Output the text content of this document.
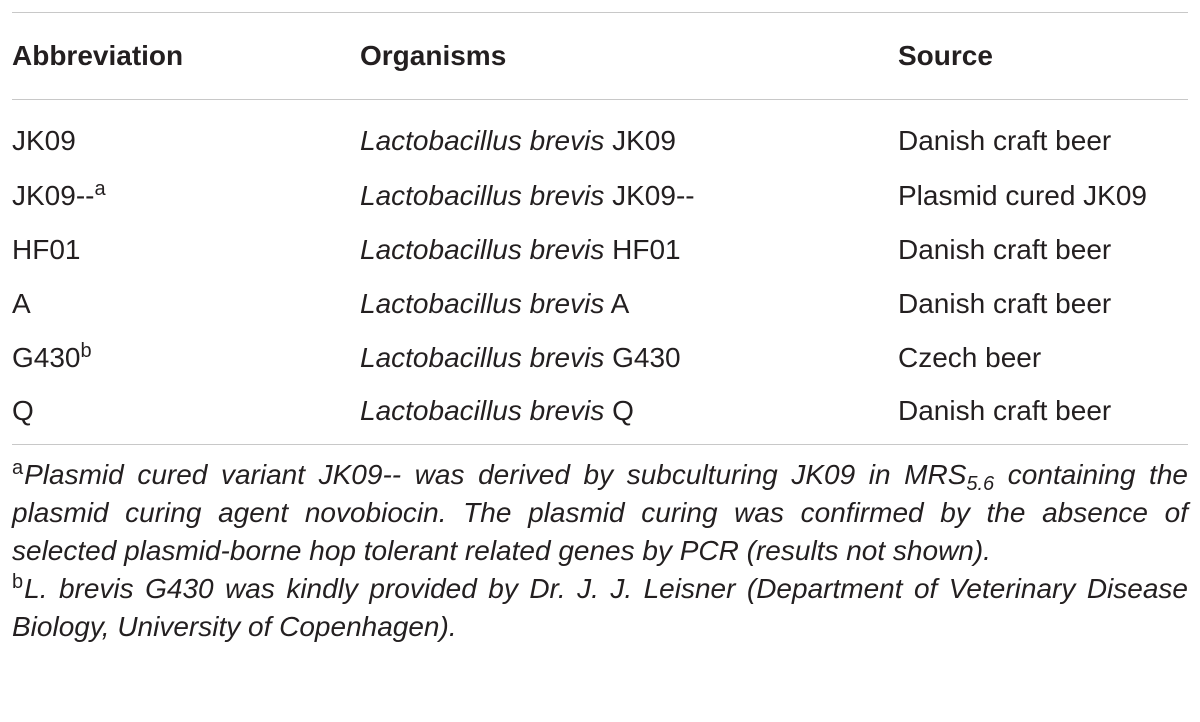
Abbreviation	Organisms	Source
JK09	Lactobacillus brevis JK09	Danish craft beer
JK09--$^a$	Lactobacillus brevis JK09--	Plasmid cured JK09
HF01	Lactobacillus brevis HF01	Danish craft beer
A	Lactobacillus brevis A	Danish craft beer
G430$^b$	Lactobacillus brevis G430	Czech beer
Q	Lactobacillus brevis Q	Danish craft beer

$^a$Plasmid cured variant JK09-- was derived by subculturing JK09 in $MRS_{5.6}$ containing the plasmid curing agent novobiocin. The plasmid curing was confirmed by the absence of selected plasmid-borne hop tolerant related genes by PCR (results not shown).

$^b$L. brevis G430 was kindly provided by Dr. J. J. Leisner (Department of Veterinary Disease Biology, University of Copenhagen).
